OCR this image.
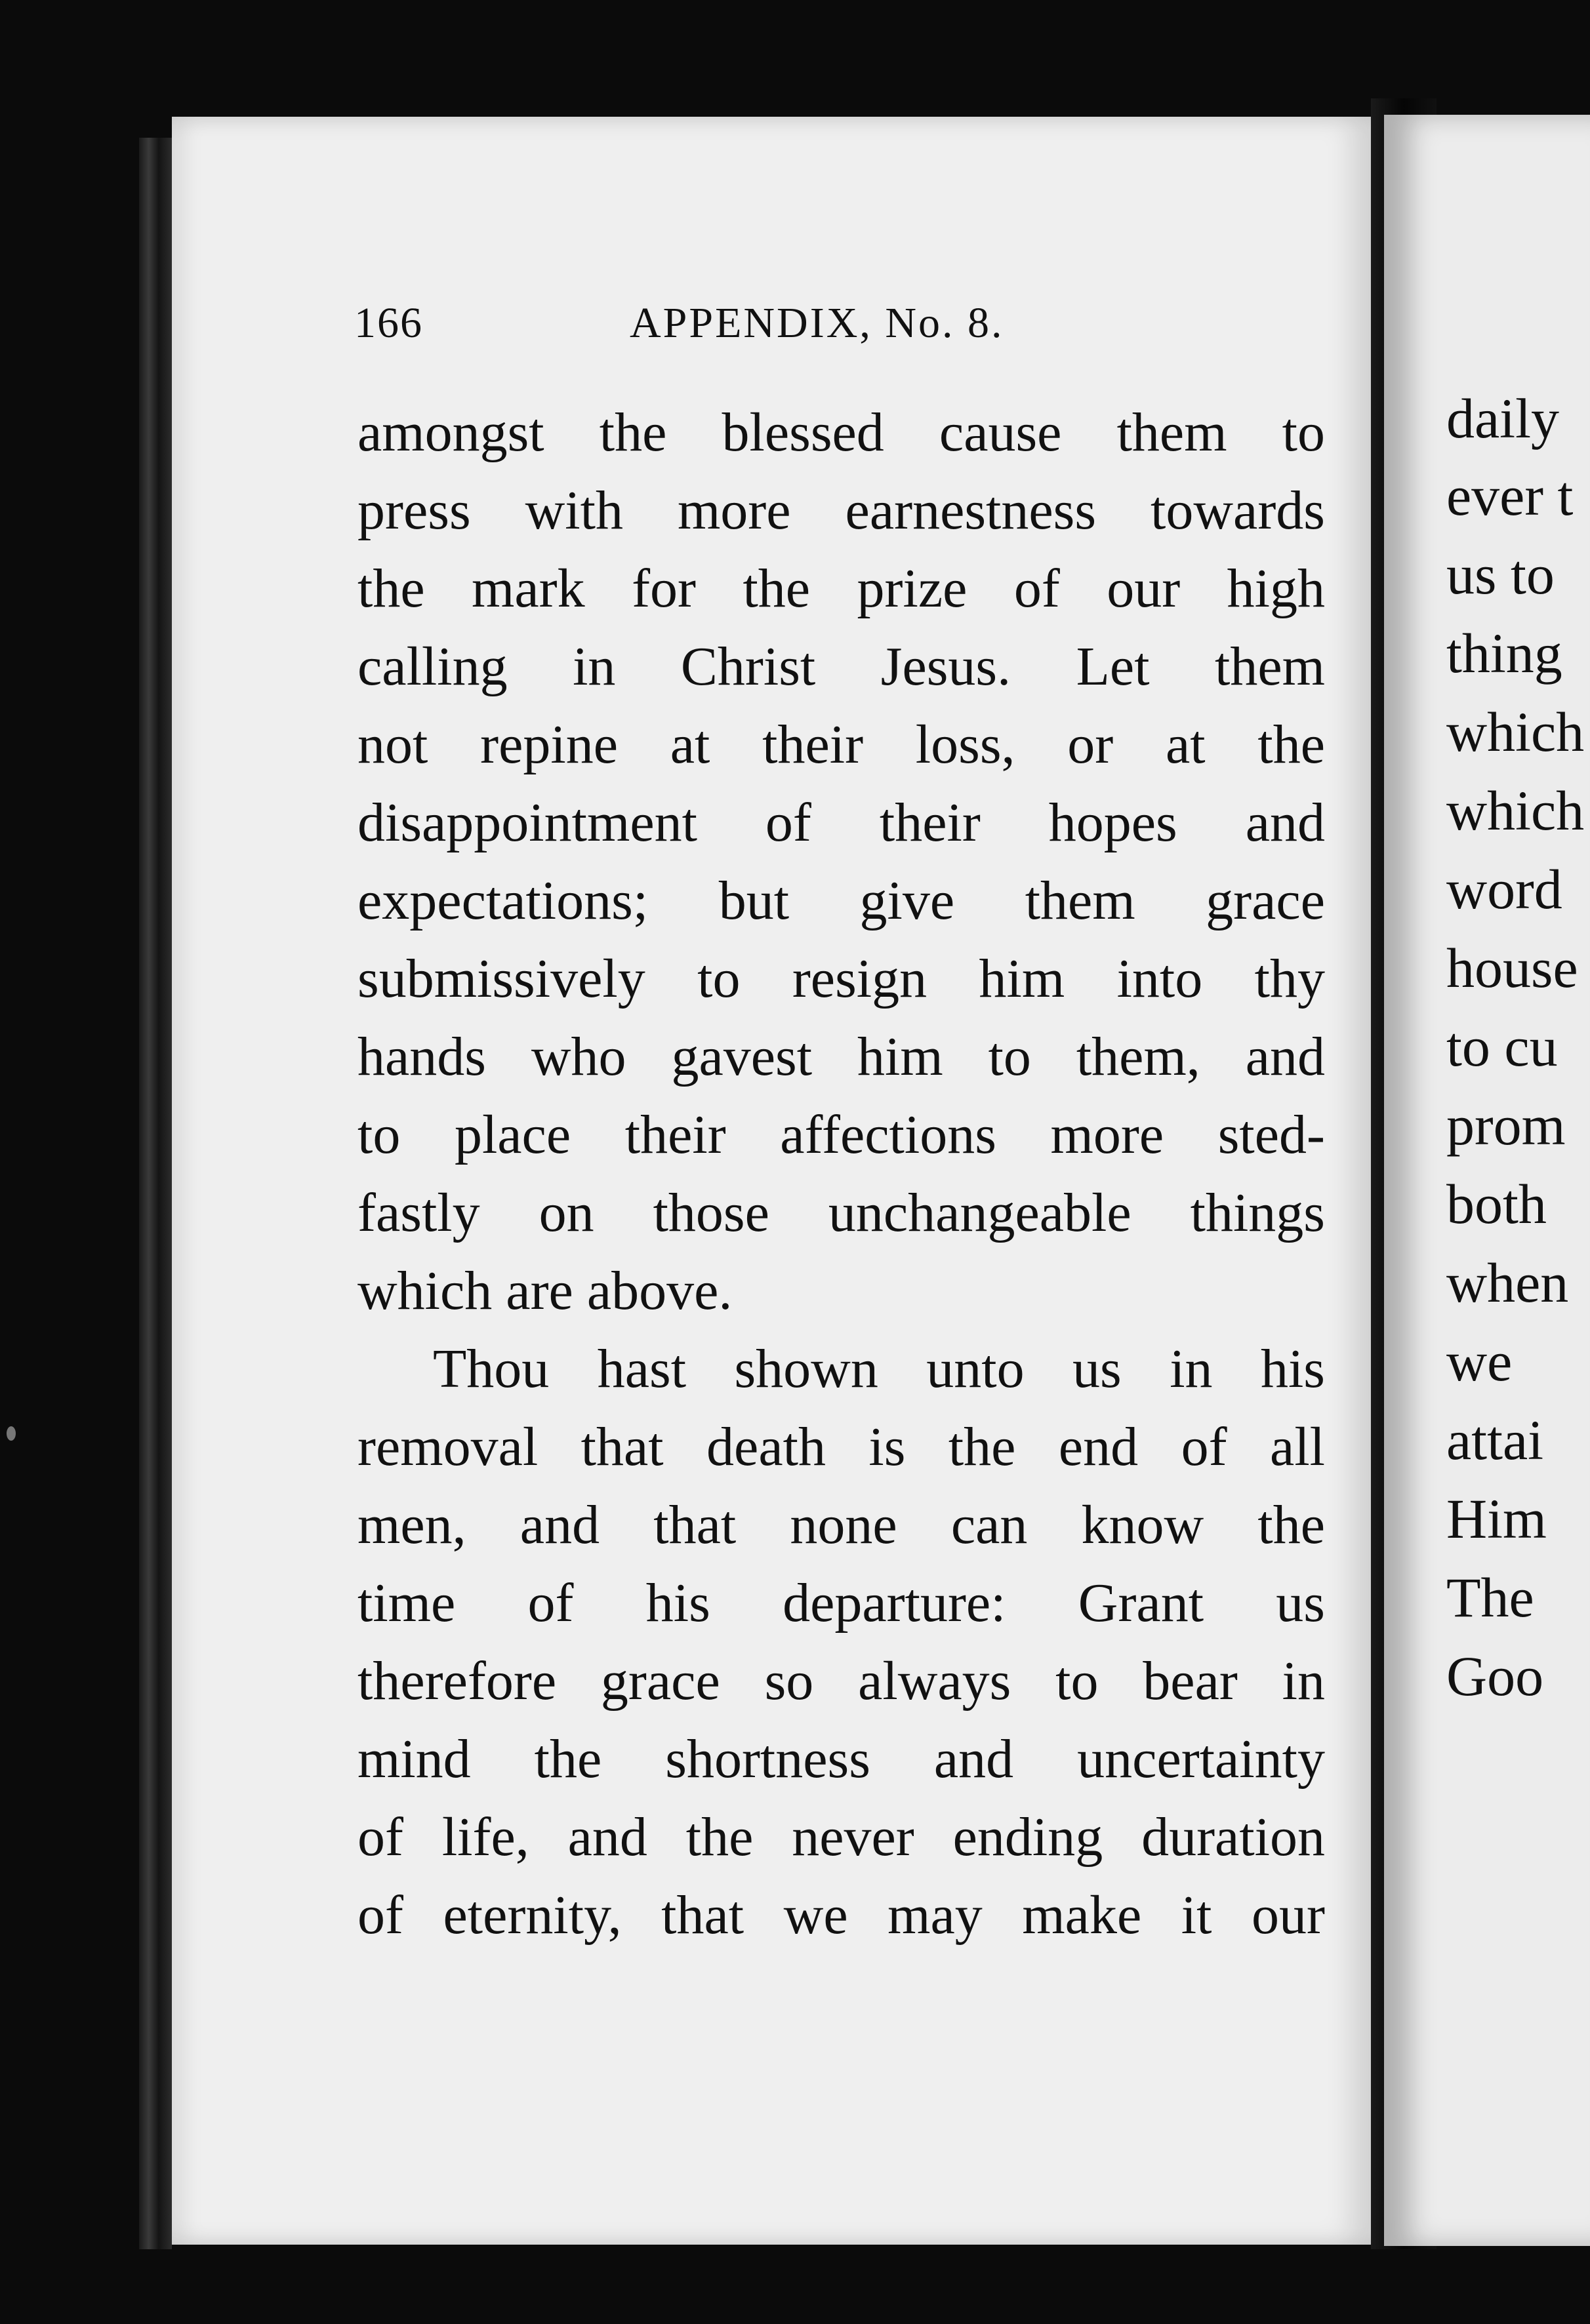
daily
ever t
us to
thing
which
which
word
house
to cu
prom
both
when
we
attai
Him
The
Goo
166	APPENDIX, No. 8.
amongst the blessed cause them to
press with more earnestness towards
the mark for the prize of our high
calling in Christ Jesus. Let them
not repine at their loss, or at the
disappointment of their hopes and
expectations; but give them grace
submissively to resign him into thy
hands who gavest him to them, and
to place their affections more sted-
fastly on those unchangeable things
which are above.
Thou hast shown unto us in his
removal that death is the end of all
men, and that none can know the
time of his departure: Grant us
therefore grace so always to bear in
mind the shortness and uncertainty
of life, and the never ending duration
of eternity, that we may make it our
